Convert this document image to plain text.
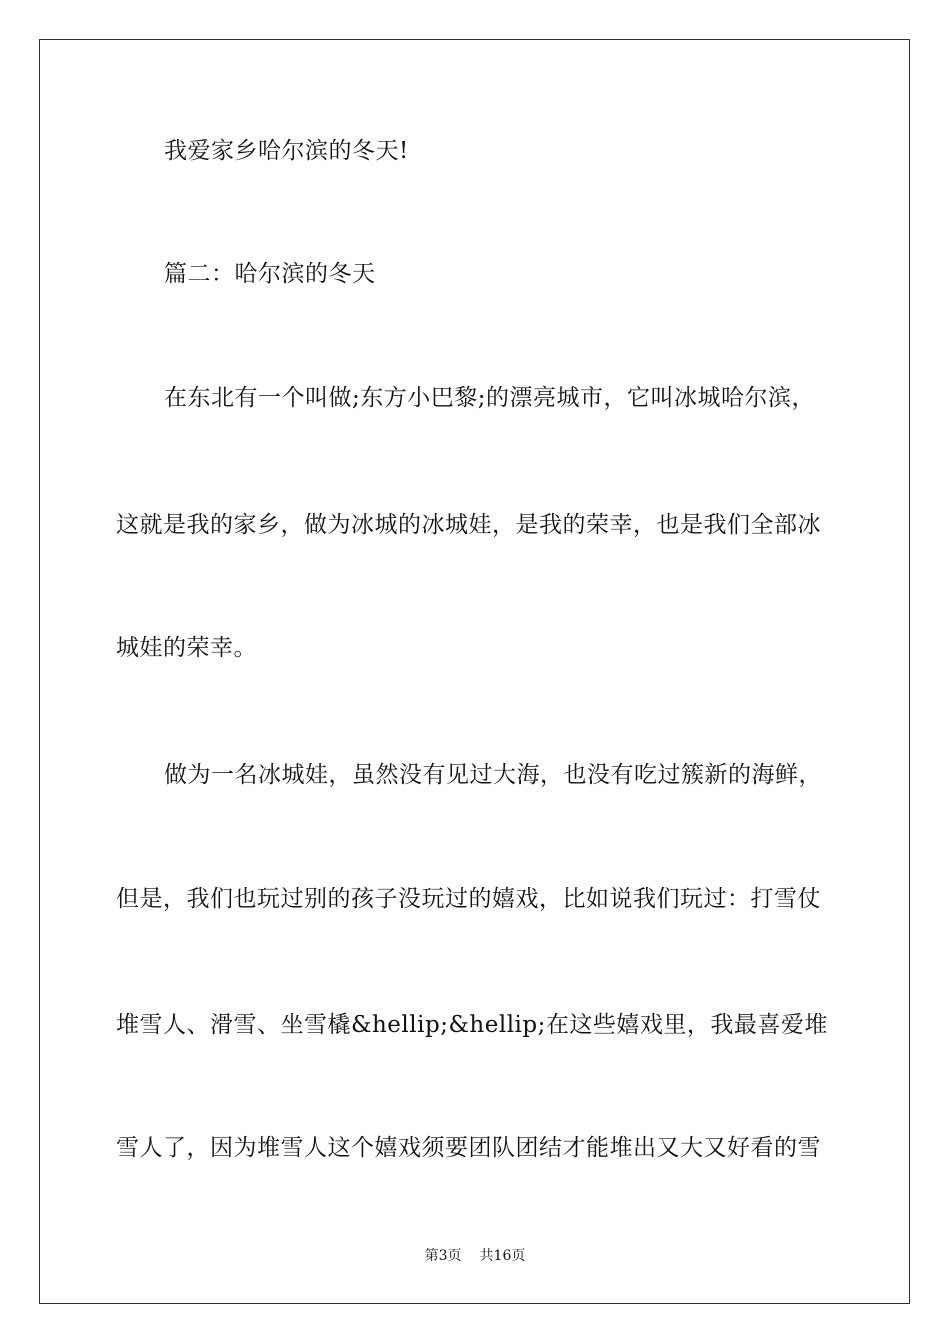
我爱家乡哈尔滨的冬天!
篇二：哈尔滨的冬天
在东北有一个叫做;东方小巴黎;的漂亮城市，它叫冰城哈尔滨，
这就是我的家乡，做为冰城的冰城娃，是我的荣幸，也是我们全部冰
城娃的荣幸。
做为一名冰城娃，虽然没有见过大海，也没有吃过簇新的海鲜，
但是，我们也玩过别的孩子没玩过的嬉戏，比如说我们玩过：打雪仗
堆雪人、滑雪、坐雪橇&hellip;&hellip;在这些嬉戏里，我最喜爱堆
雪人了，因为堆雪人这个嬉戏须要团队团结才能堆出又大又好看的雪
第3页 共16页
